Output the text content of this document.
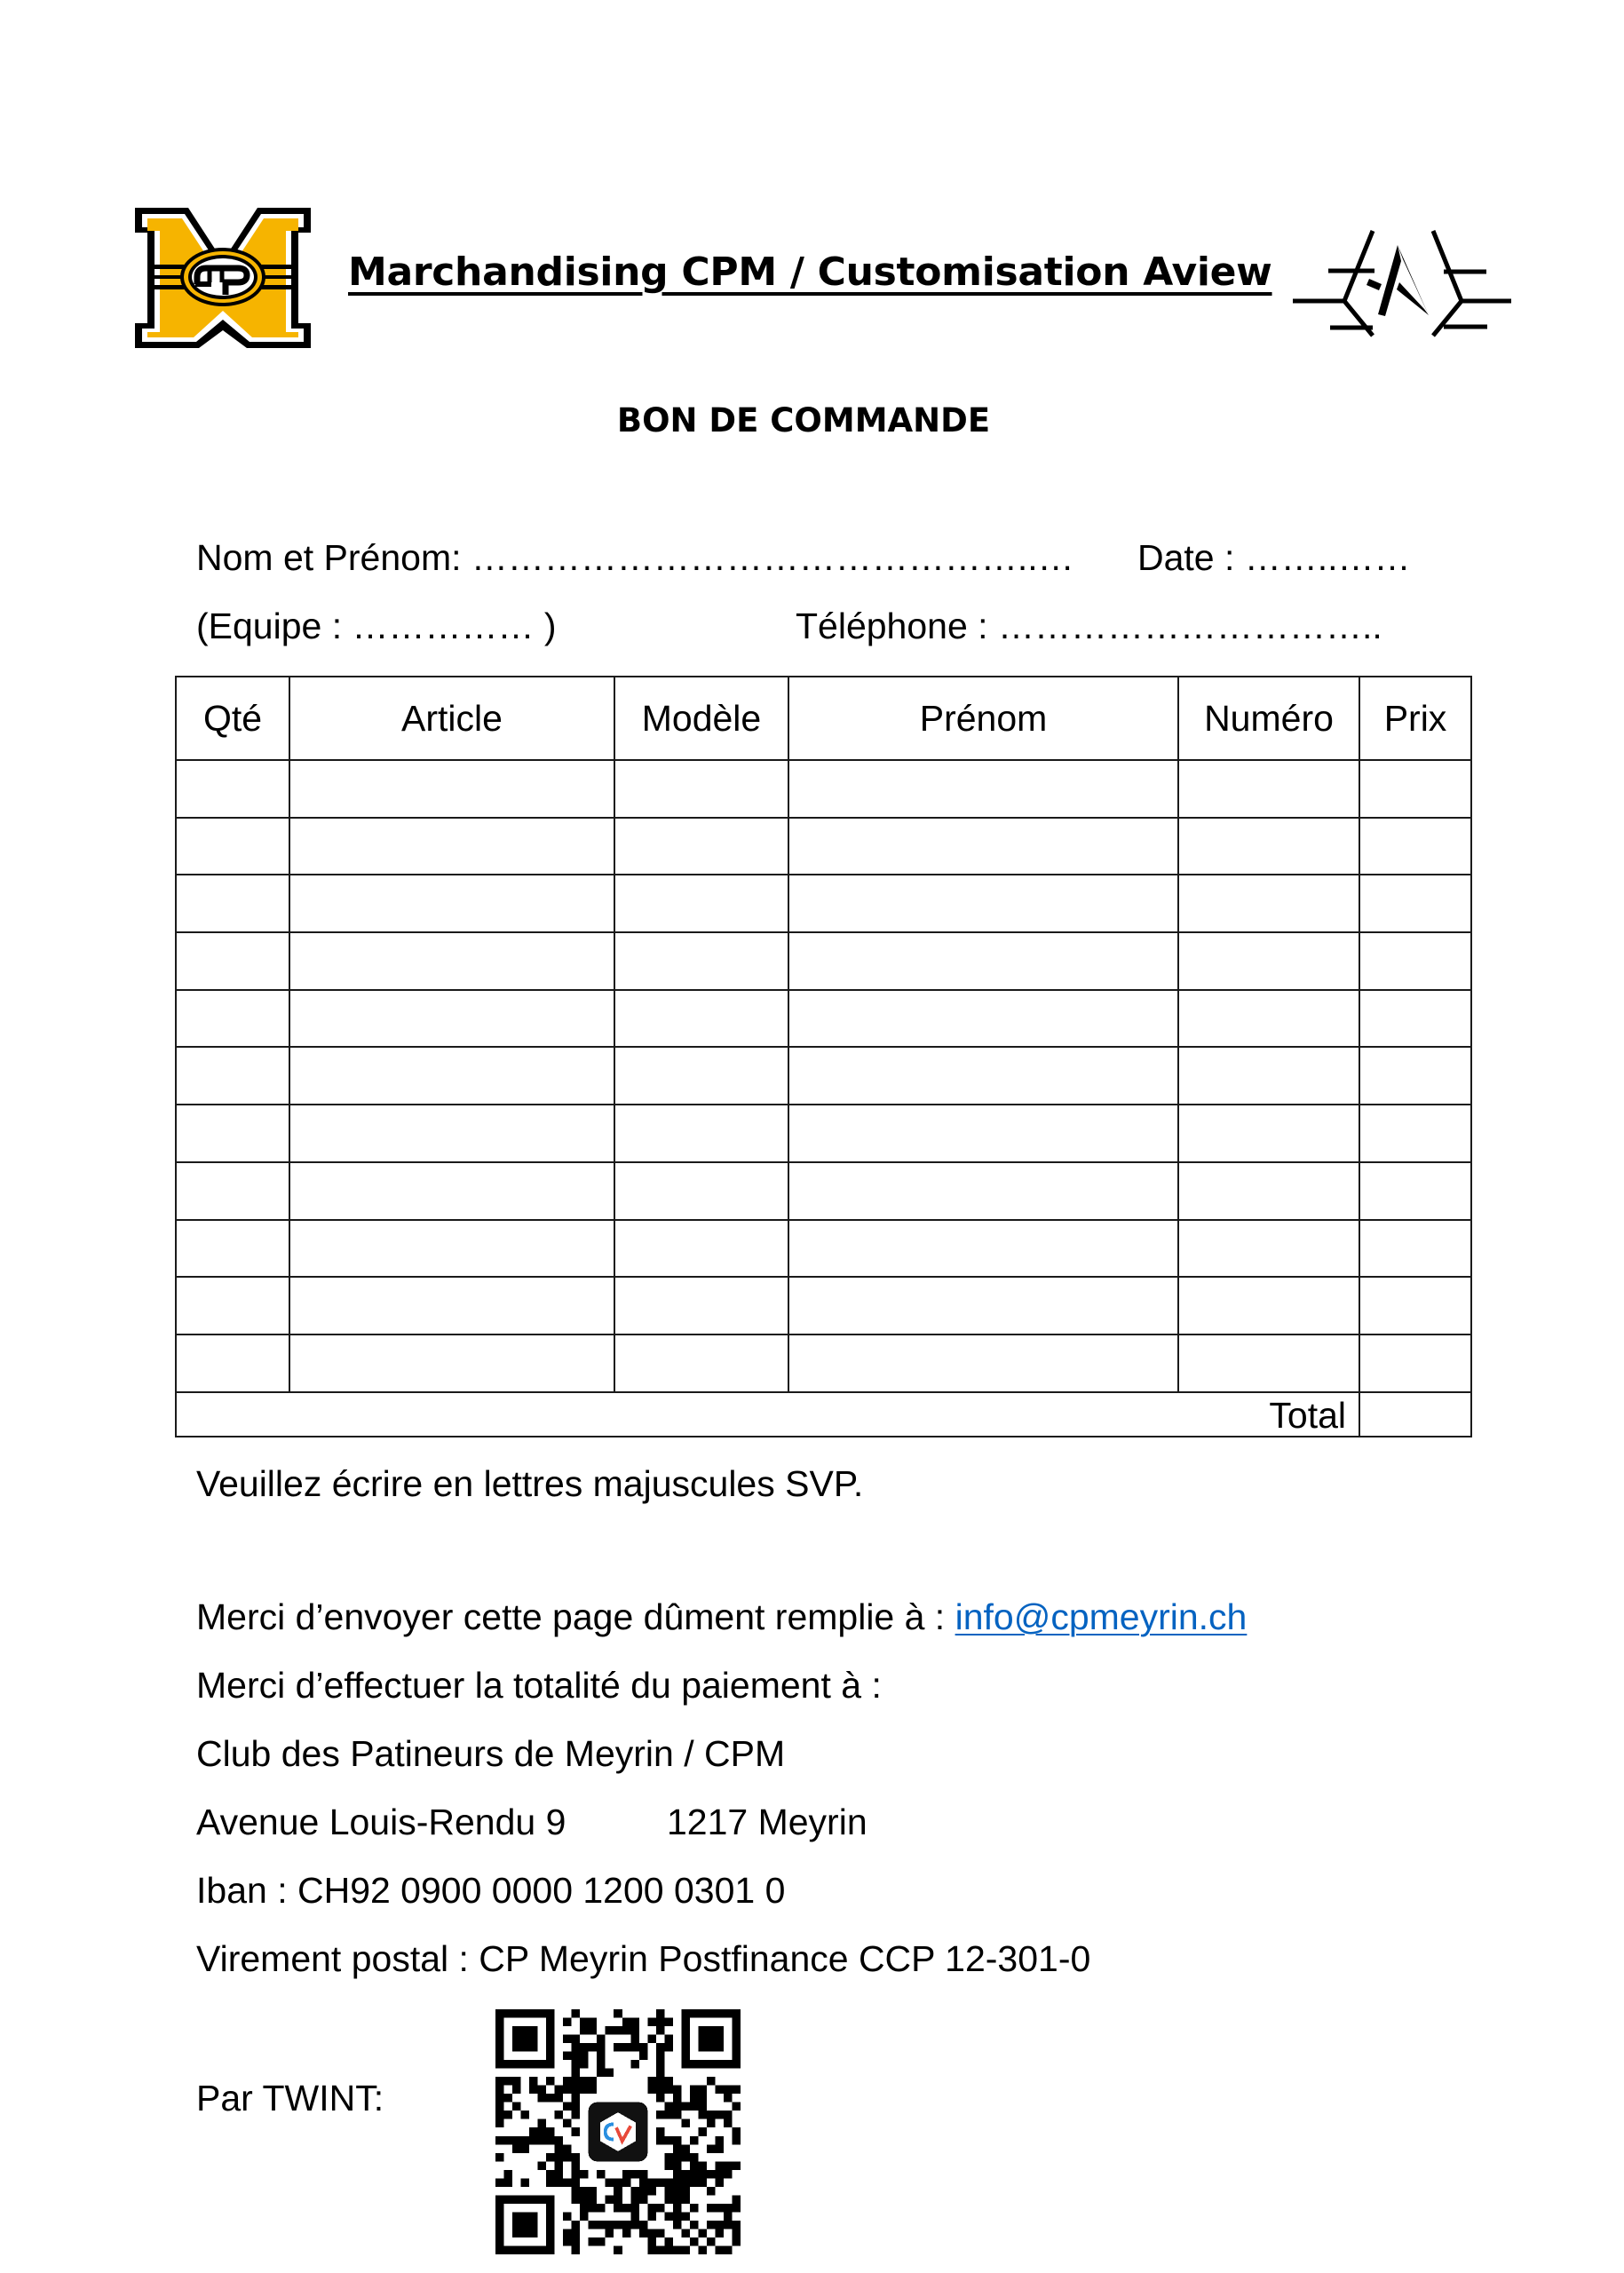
Marchandising CPM / Customisation Aview
BON DE COMMANDE
Nom et Prénom: ………………………………………..… Date : ……..……
(Equipe : …………… )	Téléphone : …………………………..
Qté	Article	Modèle	Prénom	Numéro	Prix

Total					
Veuillez écrire en lettres majuscules SVP.
Merci d’envoyer cette page dûment remplie à : info@cpmeyrin.ch
Merci d’effectuer la totalité du paiement à :
Club des Patineurs de Meyrin / CPM
Avenue Louis-Rendu 9	1217 Meyrin
Iban : CH92 0900 0000 1200 0301 0
Virement postal : CP Meyrin Postfinance CCP 12-301-0
Par TWINT:
